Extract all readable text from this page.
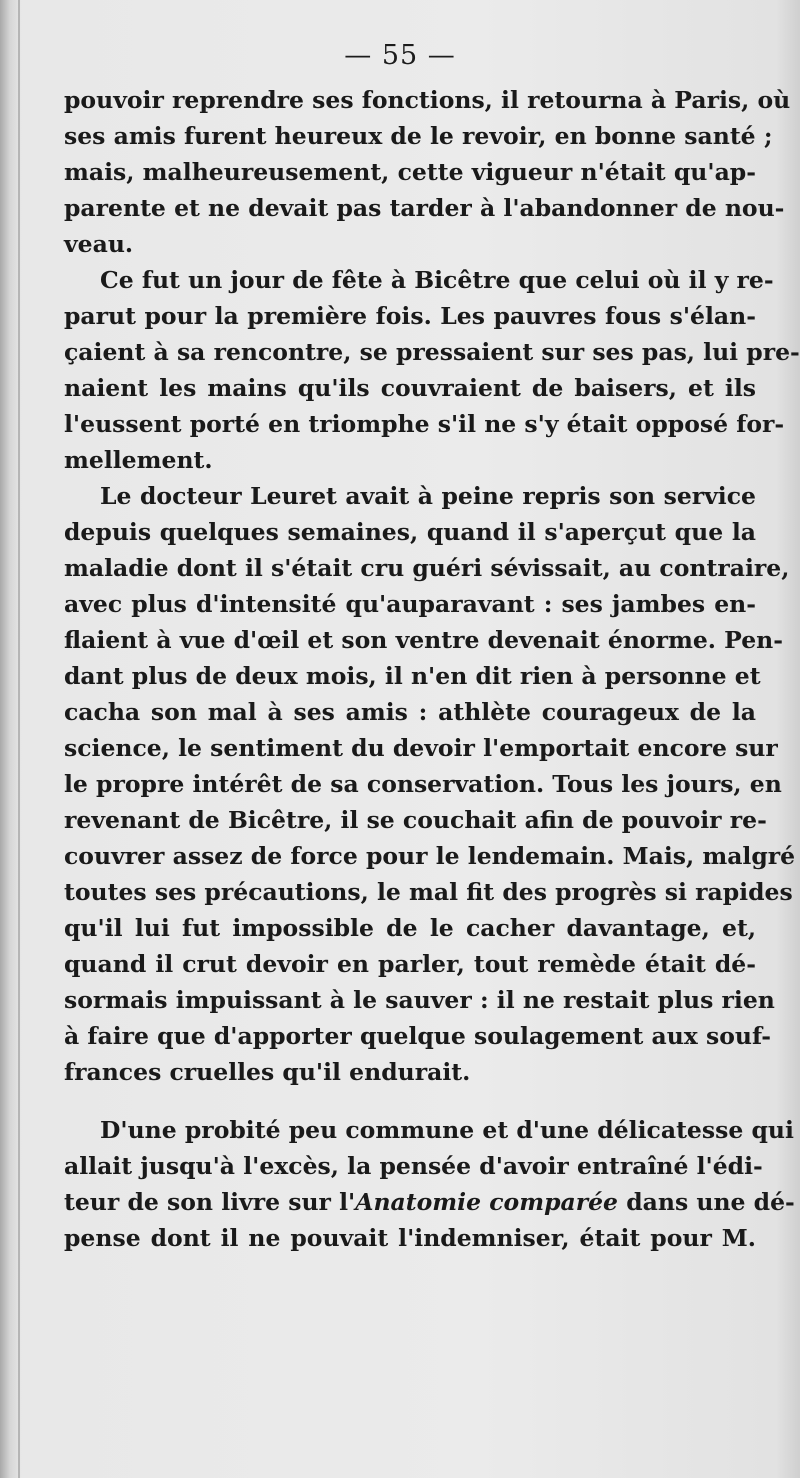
— 55 —
pouvoir reprendre ses fonctions, il retourna à Paris, où
ses amis furent heureux de le revoir, en bonne santé ;
mais, malheureusement, cette vigueur n'était qu'ap-
parente et ne devait pas tarder à l'abandonner de nou-
veau.
Ce fut un jour de fête à Bicêtre que celui où il y re-
parut pour la première fois. Les pauvres fous s'élan-
çaient à sa rencontre, se pressaient sur ses pas, lui pre-
naient les mains qu'ils couvraient de baisers, et ils
l'eussent porté en triomphe s'il ne s'y était opposé for-
mellement.
Le docteur Leuret avait à peine repris son service
depuis quelques semaines, quand il s'aperçut que la
maladie dont il s'était cru guéri sévissait, au contraire,
avec plus d'intensité qu'auparavant : ses jambes en-
flaient à vue d'œil et son ventre devenait énorme. Pen-
dant plus de deux mois, il n'en dit rien à personne et
cacha son mal à ses amis : athlète courageux de la
science, le sentiment du devoir l'emportait encore sur
le propre intérêt de sa conservation. Tous les jours, en
revenant de Bicêtre, il se couchait afin de pouvoir re-
couvrer assez de force pour le lendemain. Mais, malgré
toutes ses précautions, le mal fit des progrès si rapides
qu'il lui fut impossible de le cacher davantage, et,
quand il crut devoir en parler, tout remède était dé-
sormais impuissant à le sauver : il ne restait plus rien
à faire que d'apporter quelque soulagement aux souf-
frances cruelles qu'il endurait.
D'une probité peu commune et d'une délicatesse qui
allait jusqu'à l'excès, la pensée d'avoir entraîné l'édi-
teur de son livre sur l'Anatomie comparée dans une dé-
pense dont il ne pouvait l'indemniser, était pour M.
